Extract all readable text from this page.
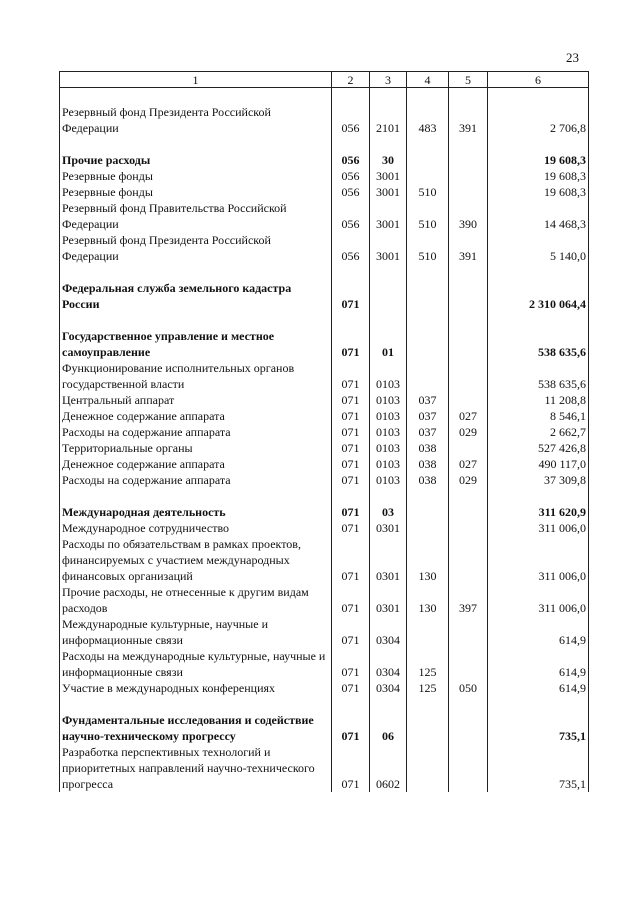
23
1	2	3	4	5	6

Резервный фонд Президента Российской Федерации	056	2101	483	391	2 706,8

Прочие расходы	056	30			19 608,3
Резервные фонды	056	3001			19 608,3
Резервные фонды	056	3001	510		19 608,3
Резервный фонд Правительства Российской Федерации	056	3001	510	390	14 468,3
Резервный фонд Президента Российской Федерации	056	3001	510	391	5 140,0

Федеральная служба земельного кадастра России	071				2 310 064,4

Государственное управление и местное самоуправление	071	01			538 635,6
Функционирование исполнительных органов государственной власти	071	0103			538 635,6
Центральный аппарат	071	0103	037		11 208,8
Денежное содержание аппарата	071	0103	037	027	8 546,1
Расходы на содержание аппарата	071	0103	037	029	2 662,7
Территориальные органы	071	0103	038		527 426,8
Денежное содержание аппарата	071	0103	038	027	490 117,0
Расходы на содержание аппарата	071	0103	038	029	37 309,8

Международная деятельность	071	03			311 620,9
Международное сотрудничество	071	0301			311 006,0
Расходы по обязательствам в рамках проектов, финансируемых с участием международных финансовых организаций	071	0301	130		311 006,0
Прочие расходы, не отнесенные к другим видам расходов	071	0301	130	397	311 006,0
Международные культурные, научные и информационные связи	071	0304			614,9
Расходы на международные культурные, научные и информационные связи	071	0304	125		614,9
Участие в международных конференциях	071	0304	125	050	614,9

Фундаментальные исследования и содействие научно-техническому прогрессу	071	06			735,1
Разработка перспективных технологий и приоритетных направлений научно-технического прогресса	071	0602			735,1
